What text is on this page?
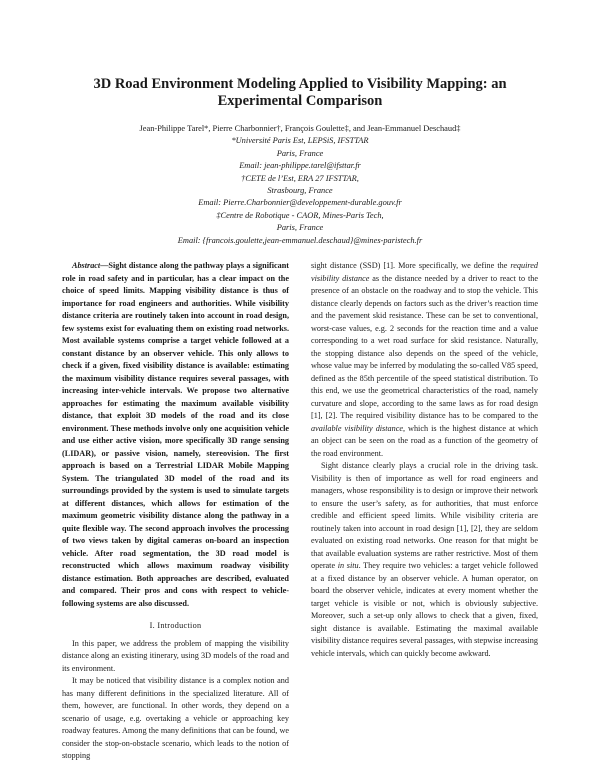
3D Road Environment Modeling Applied to Visibility Mapping: an Experimental Comparison
Jean-Philippe Tarel*, Pierre Charbonnier†, François Goulette‡, and Jean-Emmanuel Deschaud‡
*Université Paris Est, LEPSiS, IFSTTAR
Paris, France
Email: jean-philippe.tarel@ifsttar.fr
†CETE de l’Est, ERA 27 IFSTTAR,
Strasbourg, France
Email: Pierre.Charbonnier@developpement-durable.gouv.fr
‡Centre de Robotique - CAOR, Mines-Paris Tech,
Paris, France
Email: {francois.goulette,jean-emmanuel.deschaud}@mines-paristech.fr

Abstract—Sight distance along the pathway plays a significant role in road safety and in particular, has a clear impact on the choice of speed limits. Mapping visibility distance is thus of importance for road engineers and authorities. While visibility distance criteria are routinely taken into account in road design, few systems exist for evaluating them on existing road networks. Most available systems comprise a target vehicle followed at a constant distance by an observer vehicle. This only allows to check if a given, fixed visibility distance is available: estimating the maximum visibility distance requires several passages, with increasing inter-vehicle intervals. We propose two alternative approaches for estimating the maximum available visibility distance, that exploit 3D models of the road and its close environment. These methods involve only one acquisition vehicle and use either active vision, more specifically 3D range sensing (LIDAR), or passive vision, namely, stereovision. The first approach is based on a Terrestrial LIDAR Mobile Mapping System. The triangulated 3D model of the road and its surroundings provided by the system is used to simulate targets at different distances, which allows for estimation of the maximum geometric visibility distance along the pathway in a quite flexible way. The second approach involves the processing of two views taken by digital cameras on-board an inspection vehicle. After road segmentation, the 3D road model is reconstructed which allows maximum roadway visibility distance estimation. Both approaches are described, evaluated and compared. Their pros and cons with respect to vehicle-following systems are also discussed.

I. Introduction

In this paper, we address the problem of mapping the visibility distance along an existing itinerary, using 3D models of the road and its environment.

It may be noticed that visibility distance is a complex notion and has many different definitions in the specialized literature. All of them, however, are functional. In other words, they depend on a scenario of usage, e.g. overtaking a vehicle or approaching key roadway features. Among the many definitions that can be found, we consider the stop-on-obstacle scenario, which leads to the notion of stopping

sight distance (SSD) [1]. More specifically, we define the required visibility distance as the distance needed by a driver to react to the presence of an obstacle on the roadway and to stop the vehicle. This distance clearly depends on factors such as the driver’s reaction time and the pavement skid resistance. These can be set to conventional, worst-case values, e.g. 2 seconds for the reaction time and a value corresponding to a wet road surface for skid resistance. Naturally, the stopping distance also depends on the speed of the vehicle, whose value may be inferred by modulating the so-called V85 speed, defined as the 85th percentile of the speed statistical distribution. To this end, we use the geometrical characteristics of the road, namely curvature and slope, according to the same laws as for road design [1], [2]. The required visibility distance has to be compared to the available visibility distance, which is the highest distance at which an object can be seen on the road as a function of the geometry of the road environment.

Sight distance clearly plays a crucial role in the driving task. Visibility is then of importance as well for road engineers and managers, whose responsibility is to design or improve their network to ensure the user’s safety, as for authorities, that must enforce credible and efficient speed limits. While visibility criteria are routinely taken into account in road design [1], [2], they are seldom evaluated on existing road networks. One reason for that might be that available evaluation systems are rather restrictive. Most of them operate in situ. They require two vehicles: a target vehicle followed at a fixed distance by an observer vehicle. A human operator, on board the observer vehicle, indicates at every moment whether the target vehicle is visible or not, which is obviously subjective. Moreover, such a set-up only allows to check that a given, fixed, sight distance is available. Estimating the maximal available visibility distance requires several passages, with stepwise increasing vehicle intervals, which can quickly become awkward.
